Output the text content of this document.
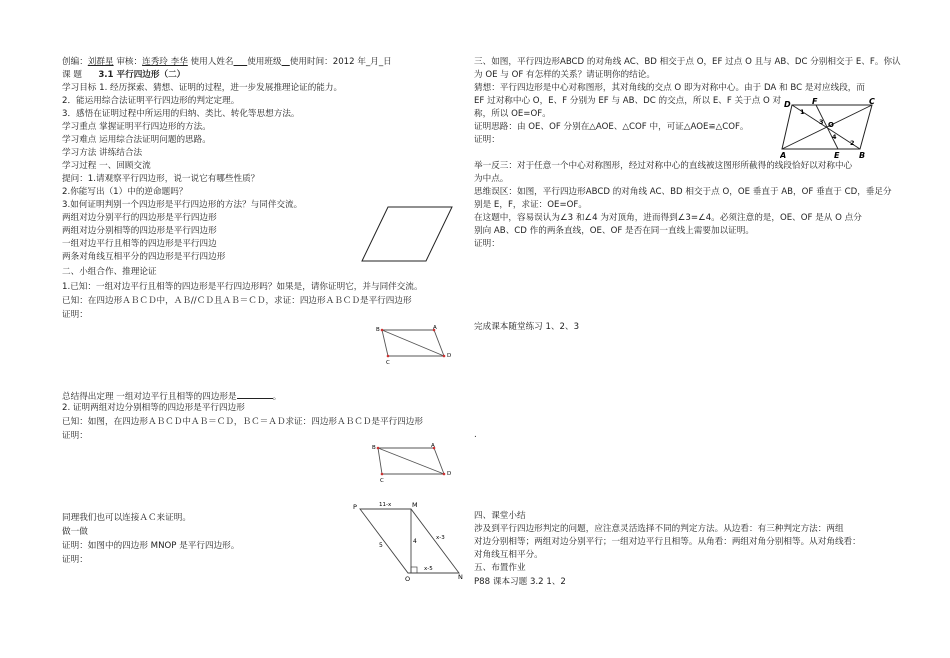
创编：刘群星 审核：连秀玲 李华 使用人姓名 使用班级 使用时间：2012 年_月_日
课 题 3.1 平行四边形（二）
学习目标 1. 经历探索、猜想、证明的过程，进一步发展推理论证的能力。
2．能运用综合法证明平行四边形的判定定理。
3．感悟在证明过程中所运用的归纳、类比、转化等思想方法。
学习重点 掌握证明平行四边形的方法。
学习难点 运用综合法证明问题的思路。
学习方法 讲练结合法
学习过程 一、回顾交流
提问：1.请观察平行四边形，说一说它有哪些性质？
2.你能写出（1）中的逆命题吗？
3.如何证明判别一个四边形是平行四边形的方法？与同伴交流。
两组对边分别平行的四边形是平行四边形
两组对边分别相等的四边形是平行四边形
一组对边平行且相等的四边形是平行四边
两条对角线互相平分的四边形是平行四边形
二、小组合作、推理论证
1.已知：一组对边平行且相等的四边形是平行四边形吗？如果是，请你证明它，并与同伴交流。
已知：在四边形ＡＢＣＤ中，ＡＢ//ＣＤ且ＡＢ＝ＣＤ，求证：四边形ＡＢＣＤ是平行四边形
证明：
B	A
D
C
总结得出定理 一组对边平行且相等的四边形是	。
2. 证明两组对边分别相等的四边形是平行四边形
已知：如图，在四边形ＡＢＣＤ中ＡＢ＝ＣＤ，ＢＣ＝ＡＤ求证：四边形ＡＢＣＤ是平行四边形
证明：
B	A
D
C
同理我们也可以连接ＡＣ来证明。
做一做
证明：如图中的四边形 MNOP 是平行四边形。
证明：
P	M
O	N
11-x
5
4	x-3
x-5
三、如图，平行四边形ABCD 的对角线 AC、BD 相交于点 O，EF 过点 O 且与 AB、DC 分别相交于 E、F。你认
为 OE 与 OF 有怎样的关系？请证明你的结论。
猜想：平行四边形是中心对称图形，其对角线的交点 O 即为对称中心。由于 DA 和 BC 是对应线段，而
EF 过对称中心 O，E、F 分别为 EF 与 AB、DC 的交点，所以 E、F 关于点 O 对
称，所以 OE=OF。
证明思路：由 OE、OF 分别在△AOE、△COF 中，可证△AOE≌△COF。
证明：
举一反三：对于任意一个中心对称图形，经过对称中心的直线被这图形所截得的线段恰好以对称中心
为中点。
思维误区：如图，平行四边形ABCD 的对角线 AC、BD 相交于点 O，OE 垂直于 AB，OF 垂直于 CD，垂足分
别是 E，F，求证：OE=OF。
在这题中，容易误认为∠3 和∠4 为对顶角，进而得到∠3=∠4。必须注意的是，OE、OF 是从 O 点分
别向 AB、CD 作的两条直线，OE、OF 是否在同一直线上需要加以证明。
证明：
D	F	C
A	E B
O
1
2
3
4
完成课本随堂练习 1、2、3
.
四、课堂小结
涉及到平行四边形判定的问题，应注意灵活选择不同的判定方法。从边看：有三种判定方法：两组
对边分别相等；两组对边分别平行；一组对边平行且相等。从角看：两组对角分别相等。从对角线看：
对角线互相平分。
五、布置作业
P88 课本习题 3.2 1、2
